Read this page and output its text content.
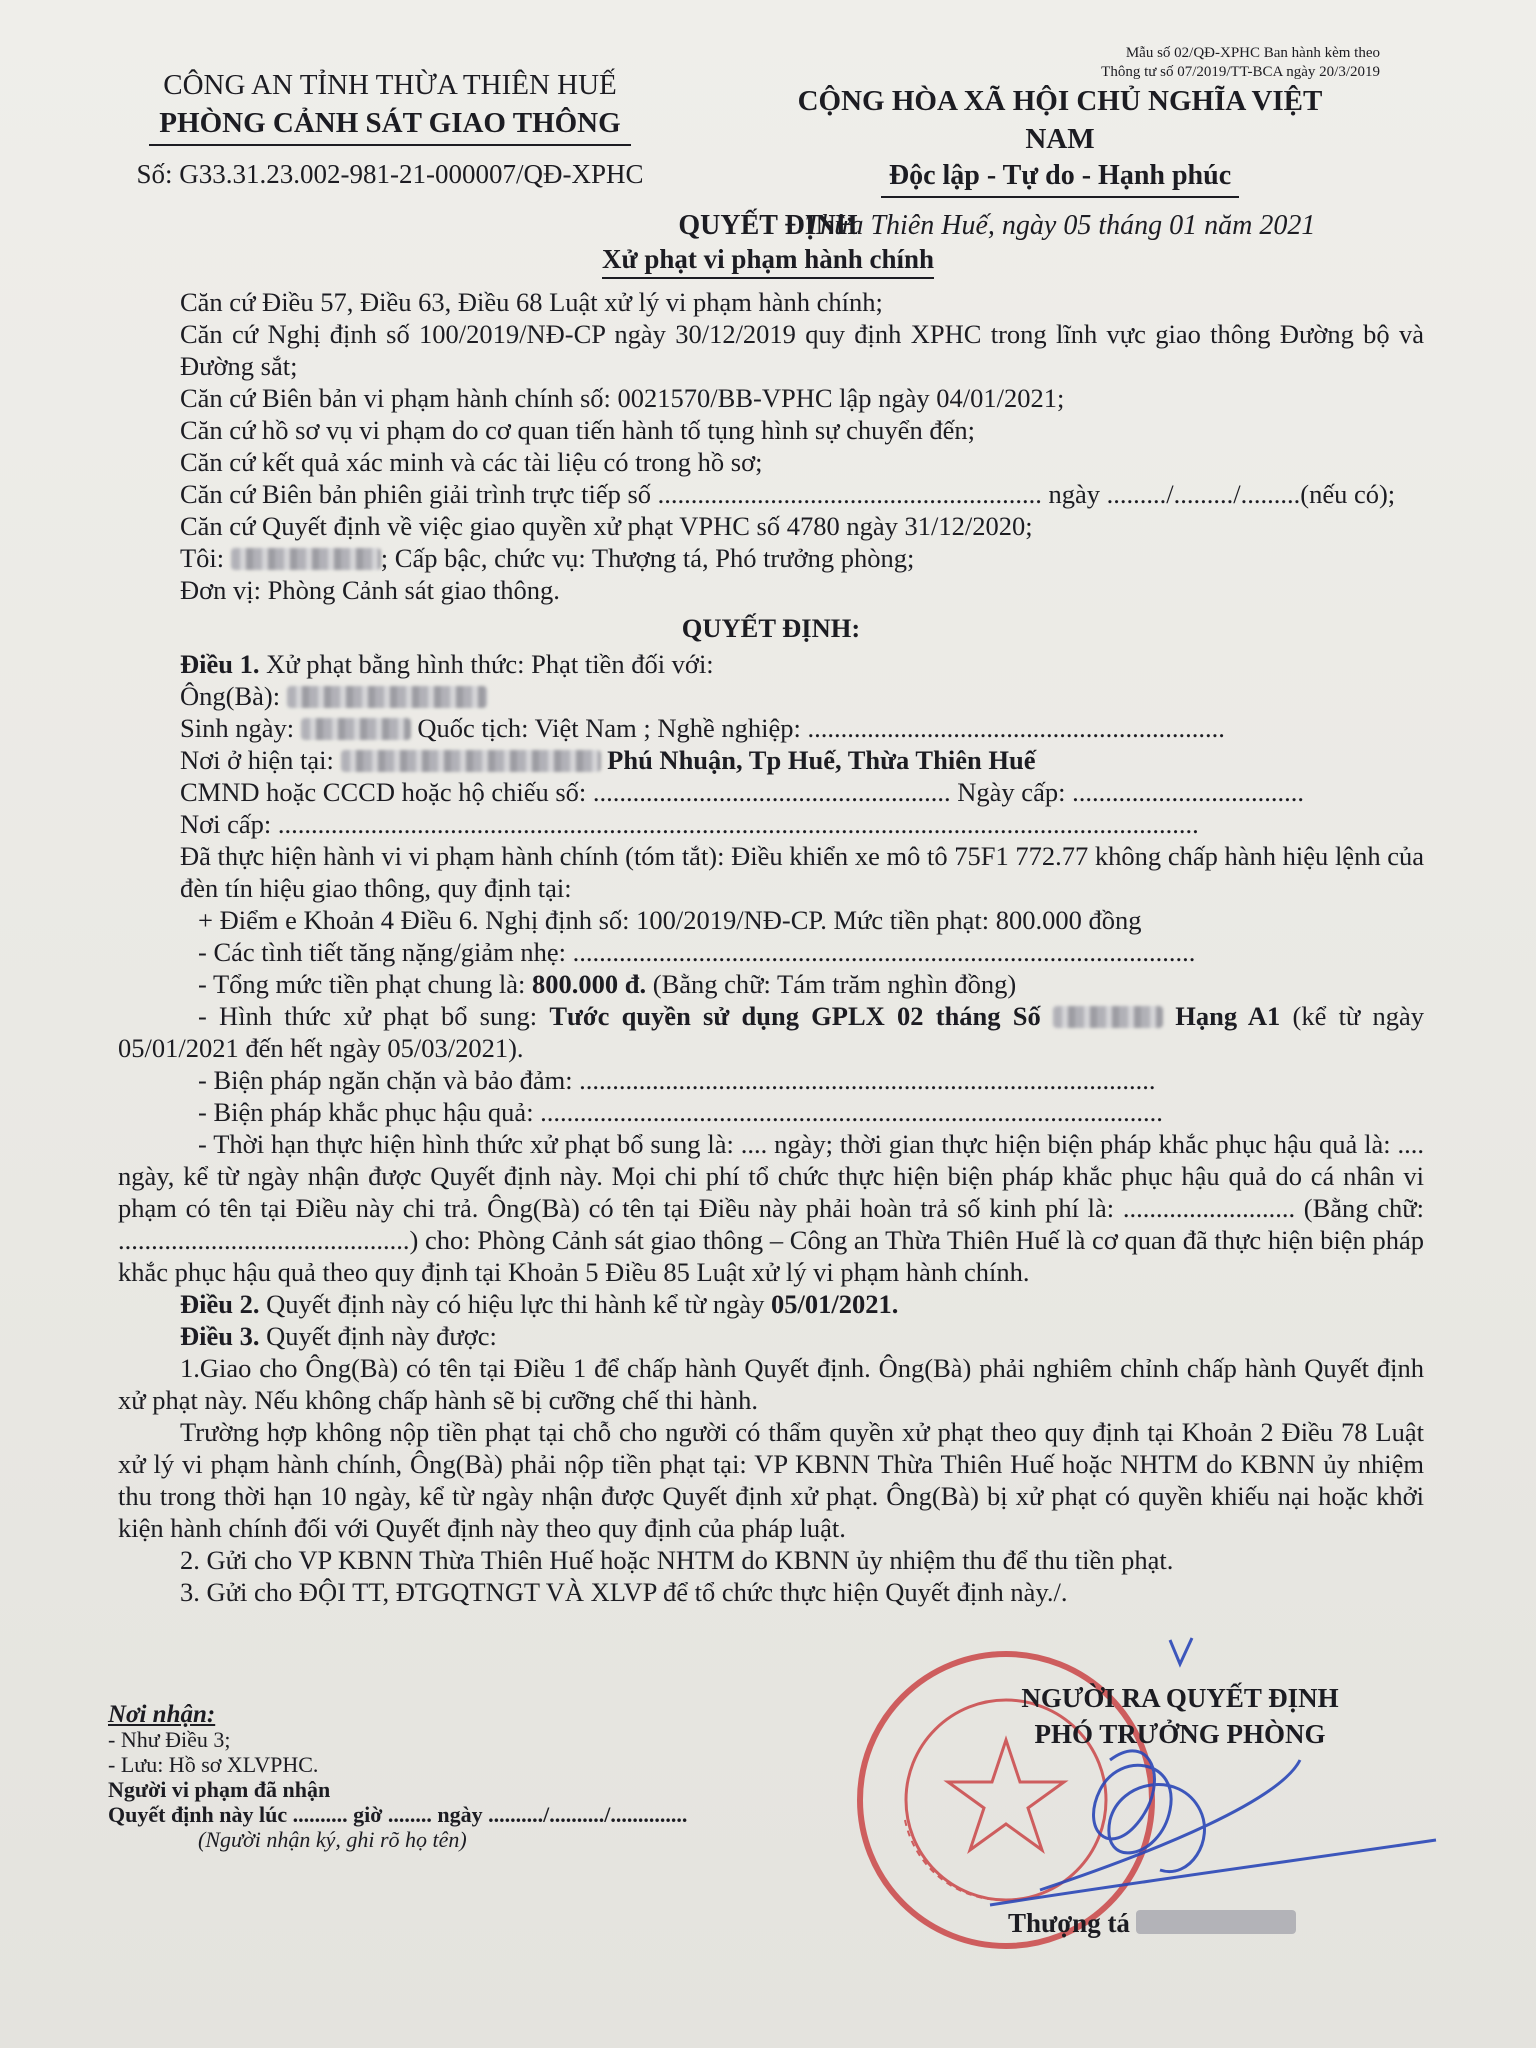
Mẫu số 02/QĐ-XPHC Ban hành kèm theo
Thông tư số 07/2019/TT-BCA ngày 20/3/2019
CÔNG AN TỈNH THỪA THIÊN HUẾ
PHÒNG CẢNH SÁT GIAO THÔNG
Số: G33.31.23.002-981-21-000007/QĐ-XPHC
CỘNG HÒA XÃ HỘI CHỦ NGHĨA VIỆT NAM
Độc lập - Tự do - Hạnh phúc
Thừa Thiên Huế, ngày 05 tháng 01 năm 2021
QUYẾT ĐỊNH
Xử phạt vi phạm hành chính

Căn cứ Điều 57, Điều 63, Điều 68 Luật xử lý vi phạm hành chính;

Căn cứ Nghị định số 100/2019/NĐ-CP ngày 30/12/2019 quy định XPHC trong lĩnh vực giao thông Đường bộ và Đường sắt;

Căn cứ Biên bản vi phạm hành chính số: 0021570/BB-VPHC lập ngày 04/01/2021;

Căn cứ hồ sơ vụ vi phạm do cơ quan tiến hành tố tụng hình sự chuyển đến;

Căn cứ kết quả xác minh và các tài liệu có trong hồ sơ;

Căn cứ Biên bản phiên giải trình trực tiếp số .......................................................... ngày ........./........./.........(nếu có);

Căn cứ Quyết định về việc giao quyền xử phạt VPHC số 4780 ngày 31/12/2020;

Tôi:	; Cấp bậc, chức vụ: Thượng tá, Phó trưởng phòng;

Đơn vị: Phòng Cảnh sát giao thông.

QUYẾT ĐỊNH:

Điều 1. Xử phạt bằng hình thức: Phạt tiền đối với:

Ông(Bà):

Sinh ngày:	Quốc tịch: Việt Nam ; Nghề nghiệp: ...............................................................

Nơi ở hiện tại:	Phú Nhuận, Tp Huế, Thừa Thiên Huế

CMND hoặc CCCD hoặc hộ chiếu số: ...................................................... Ngày cấp: ...................................

Nơi cấp: ...........................................................................................................................................

Đã thực hiện hành vi vi phạm hành chính (tóm tắt): Điều khiển xe mô tô 75F1 772.77 không chấp hành hiệu lệnh của đèn tín hiệu giao thông, quy định tại:

+ Điểm e Khoản 4 Điều 6. Nghị định số: 100/2019/NĐ-CP. Mức tiền phạt: 800.000 đồng

- Các tình tiết tăng nặng/giảm nhẹ: ..............................................................................................

- Tổng mức tiền phạt chung là: 800.000 đ. (Bằng chữ: Tám trăm nghìn đồng)

- Hình thức xử phạt bổ sung: Tước quyền sử dụng GPLX 02 tháng Số	Hạng A1 (kể từ ngày 05/01/2021 đến hết ngày 05/03/2021).

- Biện pháp ngăn chặn và bảo đảm: .......................................................................................

- Biện pháp khắc phục hậu quả: ..............................................................................................

- Thời hạn thực hiện hình thức xử phạt bổ sung là: .... ngày; thời gian thực hiện biện pháp khắc phục hậu quả là: .... ngày, kể từ ngày nhận được Quyết định này. Mọi chi phí tổ chức thực hiện biện pháp khắc phục hậu quả do cá nhân vi phạm có tên tại Điều này chi trả. Ông(Bà) có tên tại Điều này phải hoàn trả số kinh phí là: .......................... (Bằng chữ: ............................................) cho: Phòng Cảnh sát giao thông – Công an Thừa Thiên Huế là cơ quan đã thực hiện biện pháp khắc phục hậu quả theo quy định tại Khoản 5 Điều 85 Luật xử lý vi phạm hành chính.

Điều 2. Quyết định này có hiệu lực thi hành kể từ ngày 05/01/2021.

Điều 3. Quyết định này được:

1.Giao cho Ông(Bà) có tên tại Điều 1 để chấp hành Quyết định. Ông(Bà) phải nghiêm chỉnh chấp hành Quyết định xử phạt này. Nếu không chấp hành sẽ bị cưỡng chế thi hành.

Trường hợp không nộp tiền phạt tại chỗ cho người có thẩm quyền xử phạt theo quy định tại Khoản 2 Điều 78 Luật xử lý vi phạm hành chính, Ông(Bà) phải nộp tiền phạt tại: VP KBNN Thừa Thiên Huế hoặc NHTM do KBNN ủy nhiệm thu trong thời hạn 10 ngày, kể từ ngày nhận được Quyết định xử phạt. Ông(Bà) bị xử phạt có quyền khiếu nại hoặc khởi kiện hành chính đối với Quyết định này theo quy định của pháp luật.

2. Gửi cho VP KBNN Thừa Thiên Huế hoặc NHTM do KBNN ủy nhiệm thu để thu tiền phạt.

3. Gửi cho ĐỘI TT, ĐTGQTNGT VÀ XLVP để tổ chức thực hiện Quyết định này./.

Nơi nhận:
- Như Điều 3;
- Lưu: Hồ sơ XLVPHC.
Người vi phạm đã nhận
Quyết định này lúc .......... giờ ........ ngày ........../........../..............
(Người nhận ký, ghi rõ họ tên)
NGƯỜI RA QUYẾT ĐỊNH
PHÓ TRƯỞNG PHÒNG
Thượng tá
